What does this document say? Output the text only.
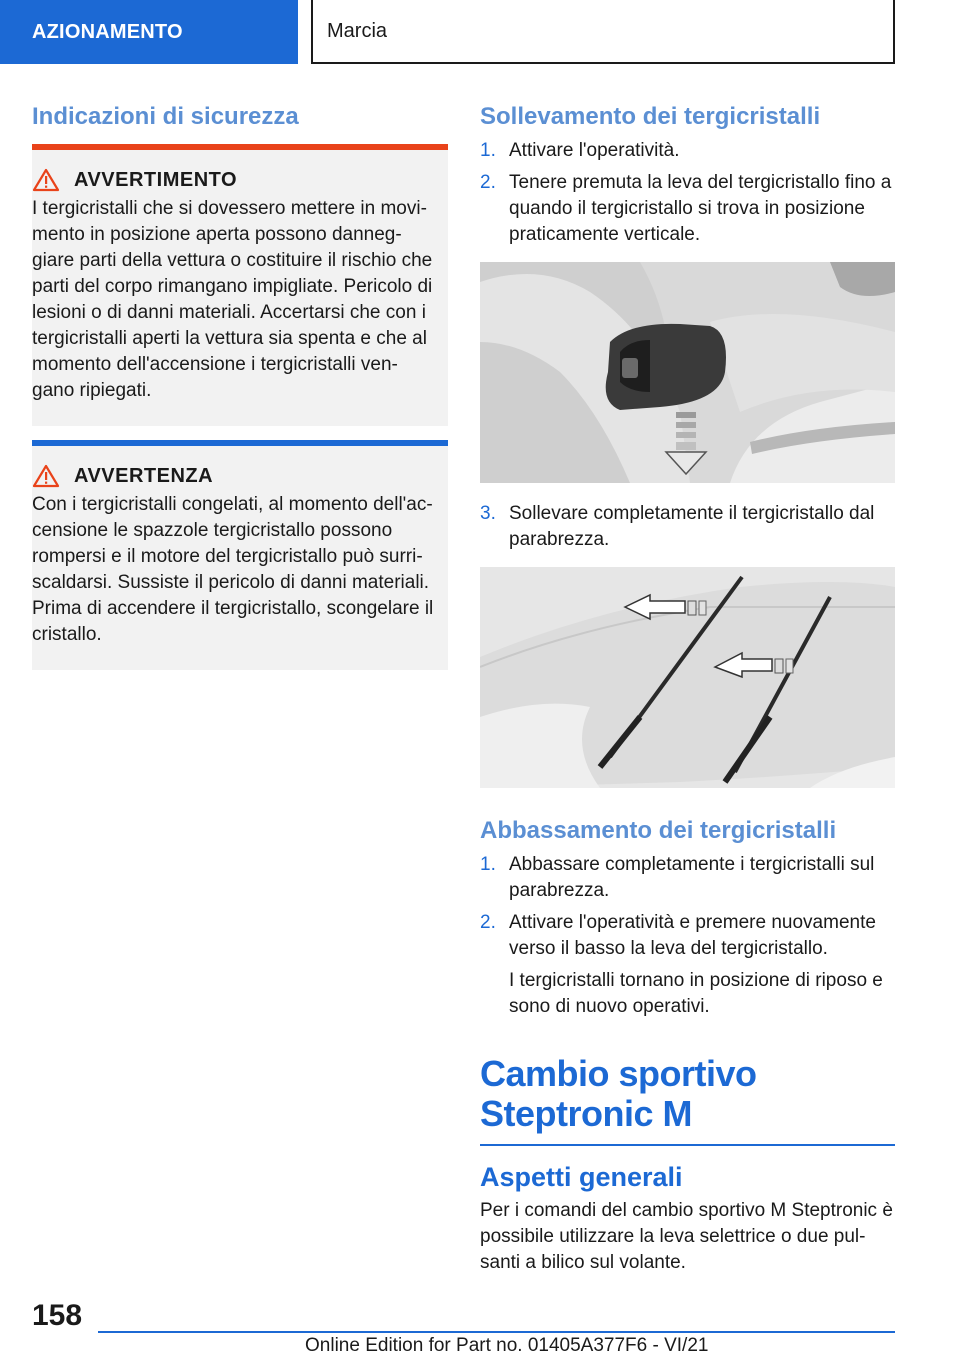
AZIONAMENTO	Marcia
Indicazioni di sicurezza
AVVERTIMENTO

I tergicristalli che si dovessero mettere in movi-mento in posizione aperta possono danneg-giare parti della vettura o costituire il rischio che parti del corpo rimangano impigliate. Pericolo di lesioni o di danni materiali. Accertarsi che con i tergicristalli aperti la vettura sia spenta e che al momento dell'accensione i tergicristalli ven-gano ripiegati.

AVVERTENZA

Con i tergicristalli congelati, al momento dell'ac-censione le spazzole tergicristallo possono rompersi e il motore del tergicristallo può surri-scaldarsi. Sussiste il pericolo di danni materiali. Prima di accendere il tergicristallo, scongelare il cristallo.

Sollevamento dei tergicristalli
1. Attivare l'operatività.
2. Tenere premuta la leva del tergicristallo fino a quando il tergicristallo si trova in posizione praticamente verticale.
3. Sollevare completamente il tergicristallo dal parabrezza.
Abbassamento dei tergicristalli
1. Abbassare completamente i tergicristalli sul parabrezza.
2. Attivare l'operatività e premere nuovamente verso il basso la leva del tergicristallo.

I tergicristalli tornano in posizione di riposo e sono di nuovo operativi.

Cambio sportivo Steptronic M
Aspetti generali

Per i comandi del cambio sportivo M Steptronic è possibile utilizzare la leva selettrice o due pul-santi a bilico sul volante.

158
Online Edition for Part no. 01405A377F6 - VI/21
